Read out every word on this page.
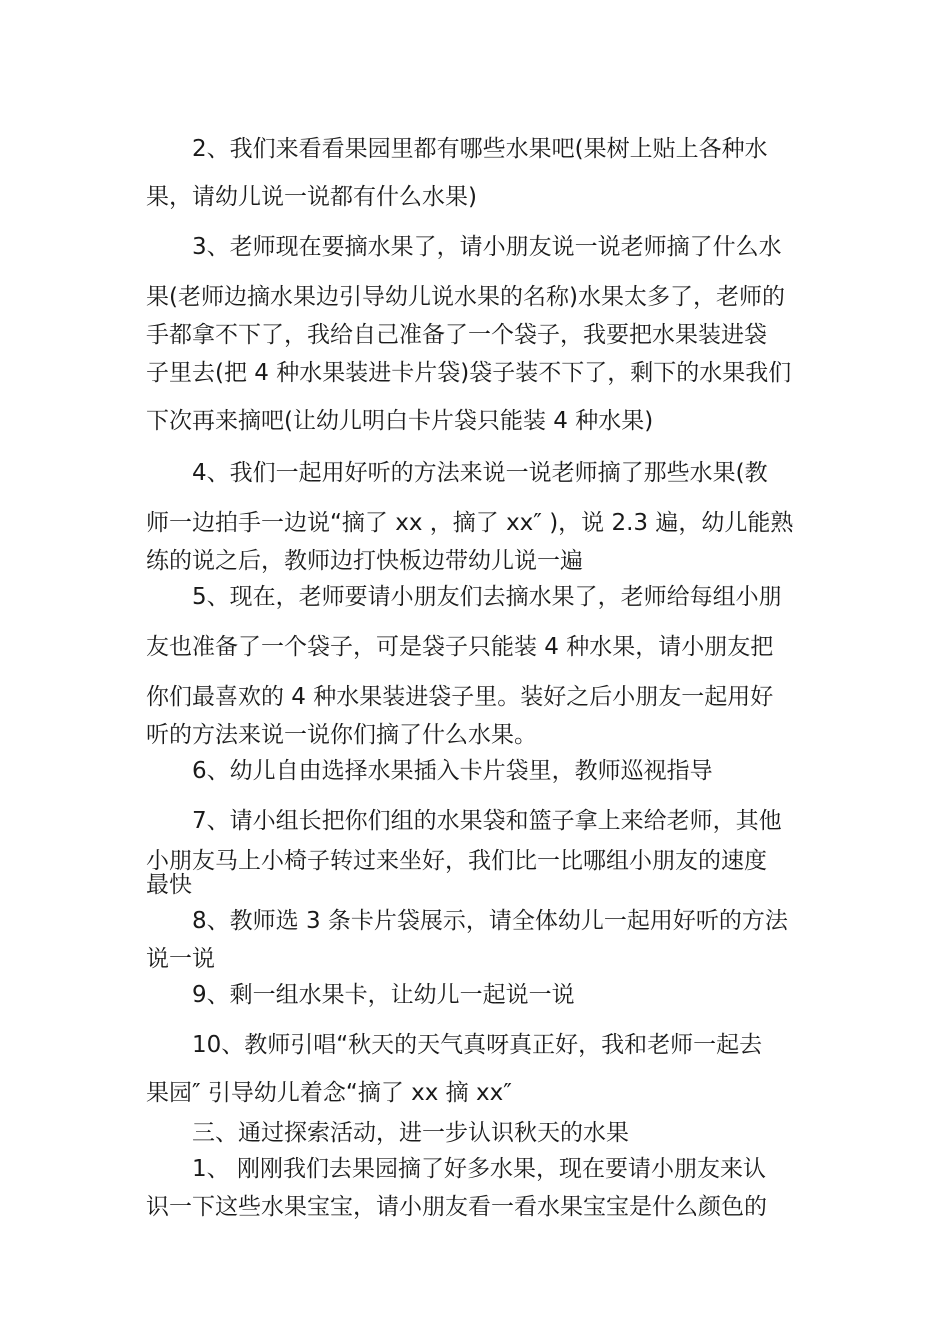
2、我们来看看果园里都有哪些水果吧(果树上贴上各种水
果，请幼儿说一说都有什么水果)
3、老师现在要摘水果了，请小朋友说一说老师摘了什么水
果(老师边摘水果边引导幼儿说水果的名称)水果太多了，老师的
手都拿不下了，我给自己准备了一个袋子，我要把水果装进袋
子里去(把 4 种水果装进卡片袋)袋子装不下了，剩下的水果我们
下次再来摘吧(让幼儿明白卡片袋只能装 4 种水果)
4、我们一起用好听的方法来说一说老师摘了那些水果(教
师一边拍手一边说“摘了 xx ，摘了 xx″ )，说 2.3 遍，幼儿能熟
练的说之后，教师边打快板边带幼儿说一遍
5、现在，老师要请小朋友们去摘水果了，老师给每组小朋
友也准备了一个袋子，可是袋子只能装 4 种水果，请小朋友把
你们最喜欢的 4 种水果装进袋子里。装好之后小朋友一起用好
听的方法来说一说你们摘了什么水果。
6、幼儿自由选择水果插入卡片袋里，教师巡视指导
7、请小组长把你们组的水果袋和篮子拿上来给老师，其他
小朋友马上小椅子转过来坐好，我们比一比哪组小朋友的速度
最快
8、教师选 3 条卡片袋展示，请全体幼儿一起用好听的方法
说一说
9、剩一组水果卡，让幼儿一起说一说
10、教师引唱“秋天的天气真呀真正好，我和老师一起去
果园″ 引导幼儿着念“摘了 xx 摘 xx″
三、通过探索活动，进一步认识秋天的水果
1、 刚刚我们去果园摘了好多水果，现在要请小朋友来认
识一下这些水果宝宝，请小朋友看一看水果宝宝是什么颜色的
